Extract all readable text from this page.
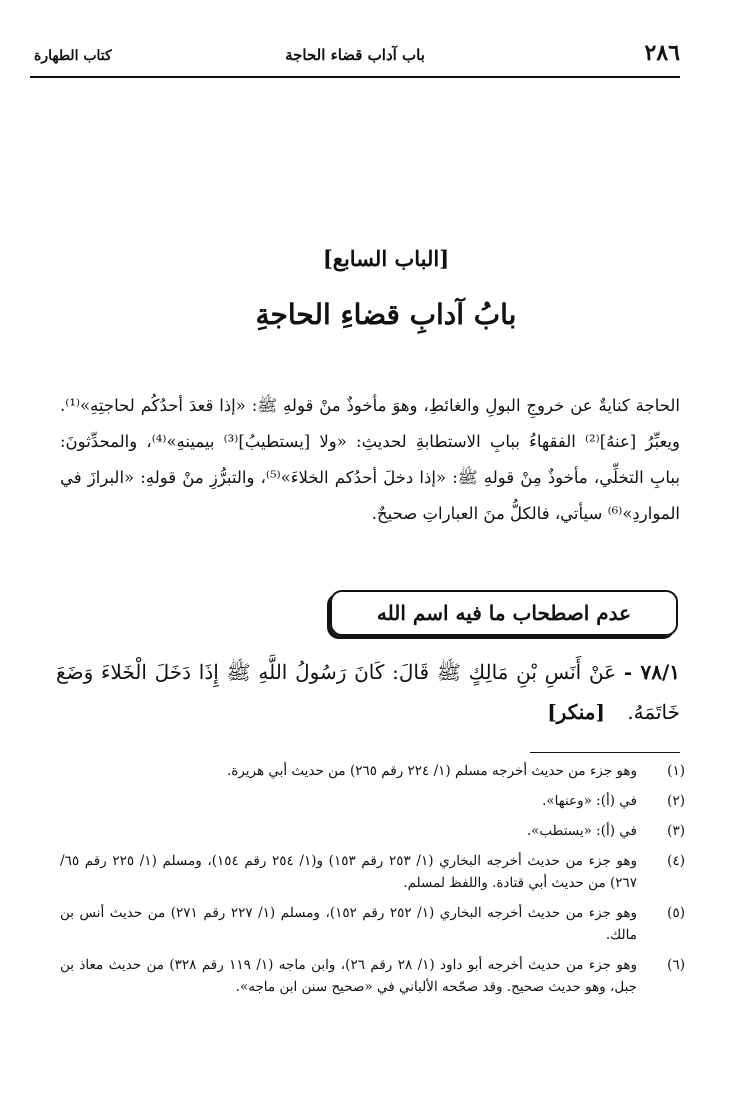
٢٨٦
باب آداب قضاء الحاجة
كتاب الطهارة
[الباب السابع]
بابُ آدابِ قضاءِ الحاجةِ
الحاجة كنايةٌ عن خروجِ البولِ والغائطِ، وهوَ مأخوذٌ منْ قولهِ ﷺ: «إذا قعدَ أحدُكُم لحاجتِهِ»⁽¹⁾. ويعبِّرُ [عنهُ]⁽²⁾ الفقهاءُ ببابِ الاستطابةِ لحديثِ: «ولا [يستطيبُ]⁽³⁾ بيمينهِ»⁽⁴⁾، والمحدِّثونَ: ببابِ التخلِّي، مأخوذٌ مِنْ قولهِ ﷺ: «إذا دخلَ أحدُكم الخلاءَ»⁽⁵⁾، والتبرُّزِ منْ قولهِ: «البرازَ في المواردِ»⁽⁶⁾ سيأتي، فالكلُّ منَ العباراتِ صحيحٌ.
عدم اصطحاب ما فيه اسم الله
٧٨/١ - عَنْ أَنَسِ بْنِ مَالِكٍ ﷺ قَالَ: كَانَ رَسُولُ اللَّهِ ﷺ إِذَا دَخَلَ الْخَلاءَ وَضَعَ خَاتَمَهُ. [منكر]
(١)
وهو جزء من حديث أخرجه مسلم (١/ ٢٢٤ رقم ٢٦٥) من حديث أبي هريرة.
(٢)
في (أ): «وعنها».
(٣)
في (أ): «يستطب».
(٤)
وهو جزء من حديث أخرجه البخاري (١/ ٢٥٣ رقم ١٥٣) و(١/ ٢٥٤ رقم ١٥٤)، ومسلم (١/ ٢٢٥ رقم ٦٥/ ٢٦٧) من حديث أبي قتادة. واللفظ لمسلم.
(٥)
وهو جزء من حديث أخرجه البخاري (١/ ٢٥٢ رقم ١٥٢)، ومسلم (١/ ٢٢٧ رقم ٢٧١) من حديث أنس بن مالك.
(٦)
وهو جزء من حديث أخرجه أبو داود (١/ ٢٨ رقم ٢٦)، وابن ماجه (١/ ١١٩ رقم ٣٢٨) من حديث معاذ بن جبل، وهو حديث صحيح. وقد صحّحه الألباني في «صحيح سنن ابن ماجه».
